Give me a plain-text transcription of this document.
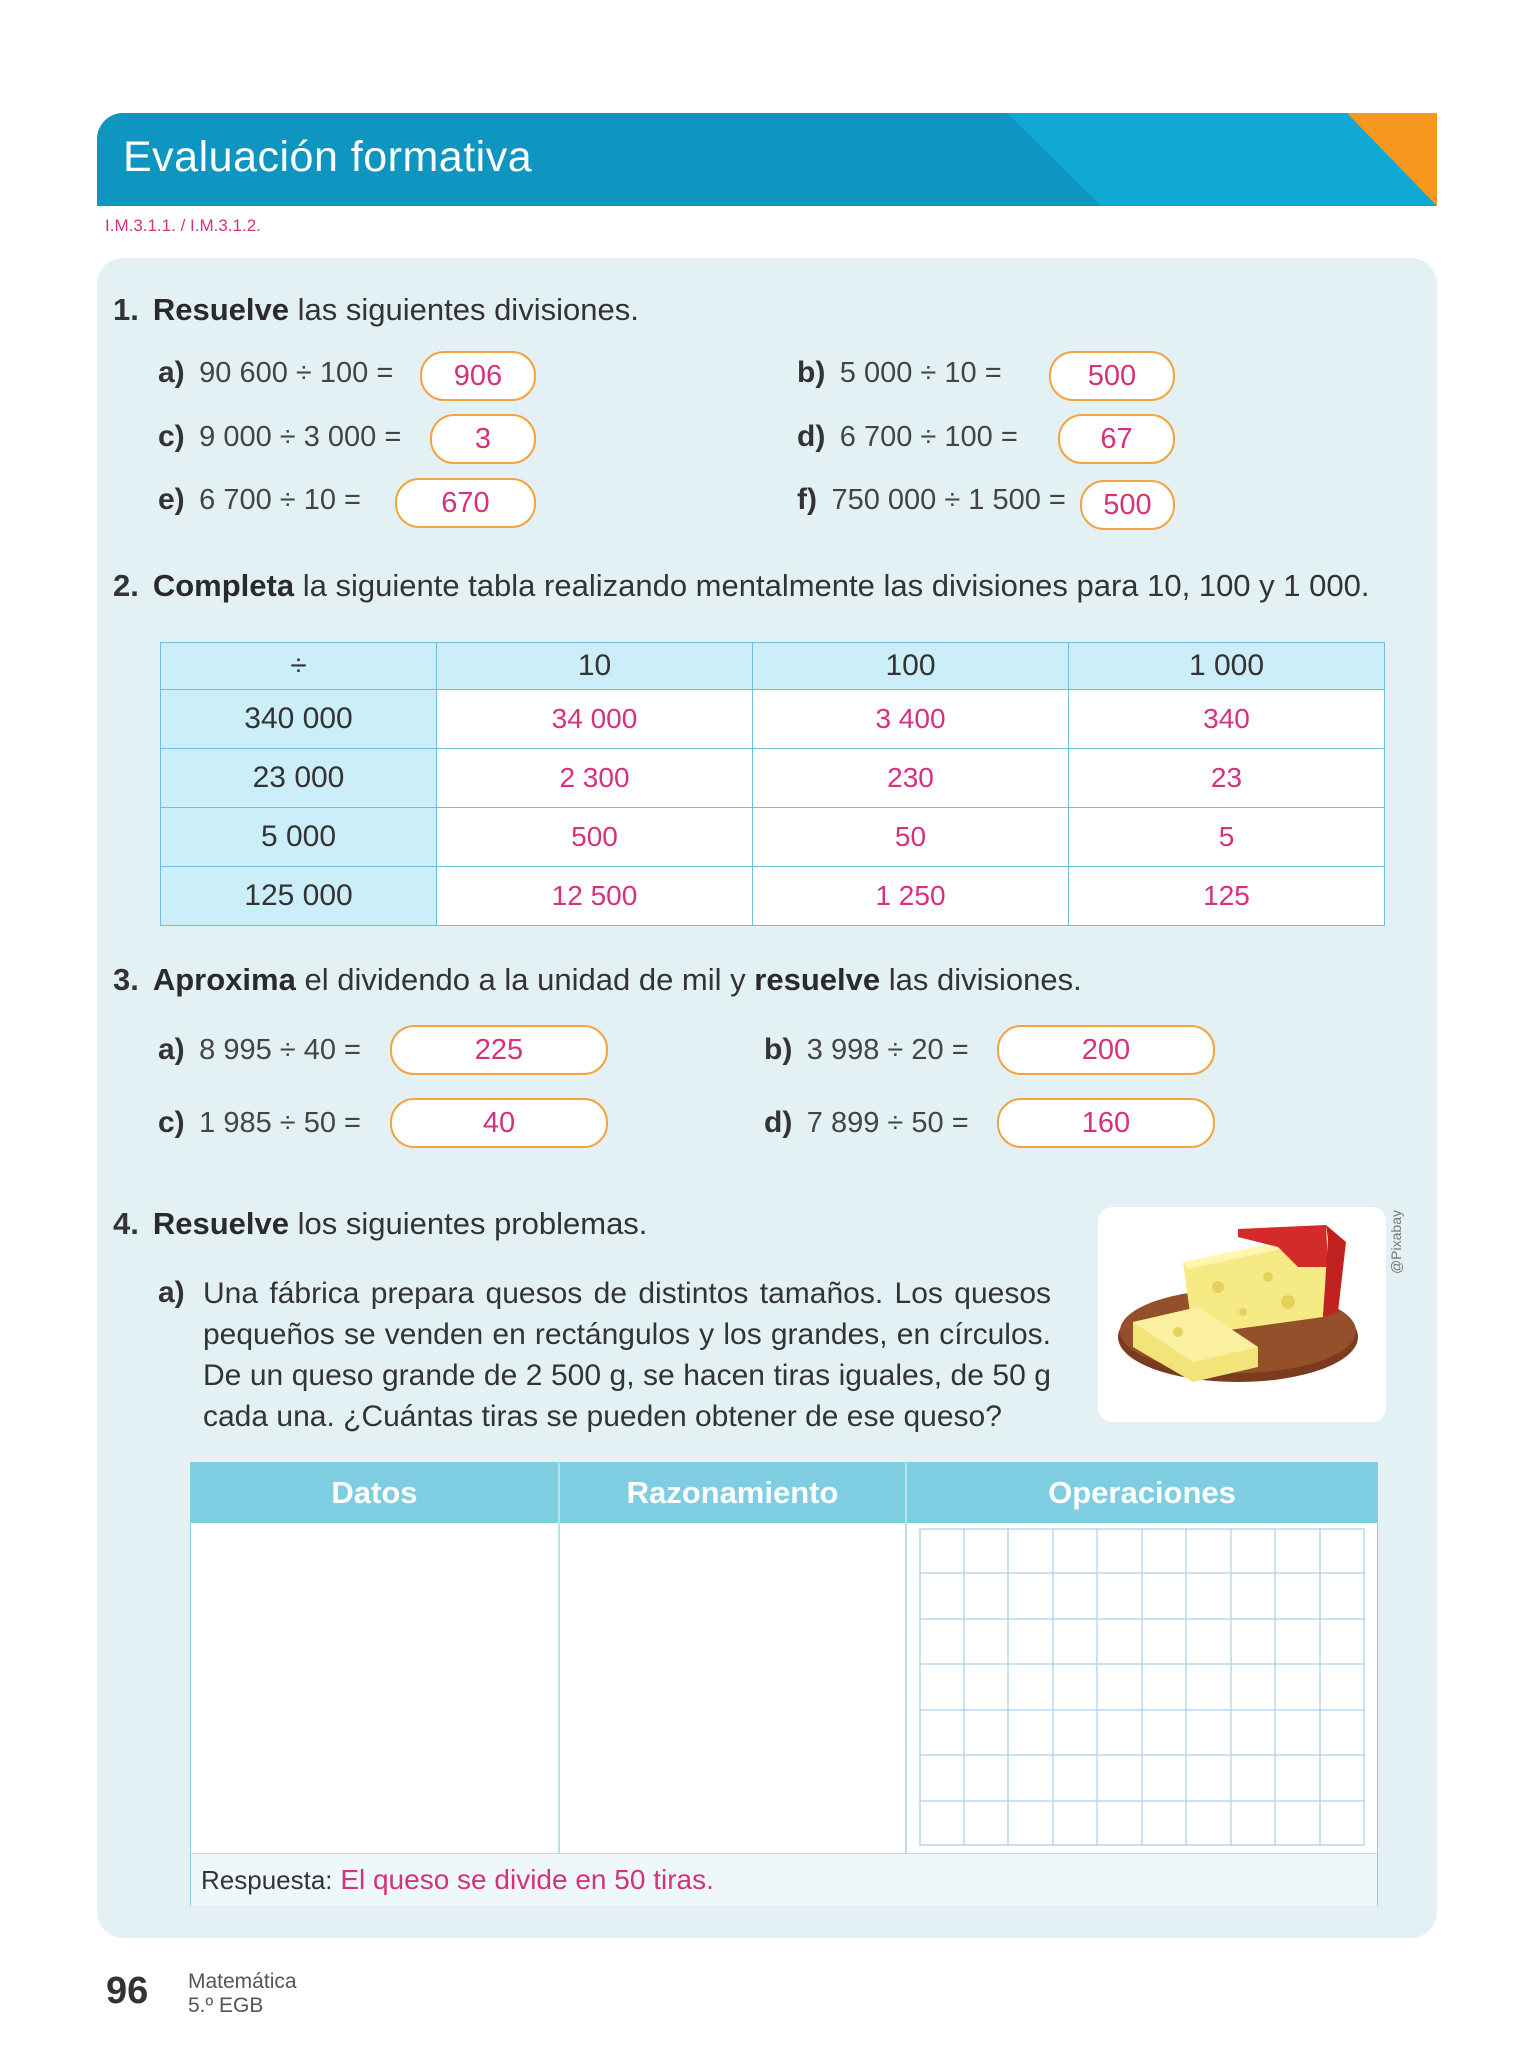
Evaluación formativa
DUA
Acción y expresión
I.M.3.1.1. / I.M.3.1.2.
1. Resuelve las siguientes divisiones.
a) 90 600 ÷ 100 =	906	b) 5 000 ÷ 10 =	500
c) 9 000 ÷ 3 000 =	3	d) 6 700 ÷ 100 =	67
e) 6 700 ÷ 10 =	670	f) 750 000 ÷ 1 500 =	500
2. Completa la siguiente tabla realizando mentalmente las divisiones para 10, 100 y 1 000.
÷	10	100	1 000
340 000	34 000	3 400	340
23 000	2 300	230	23
5 000	500	50	5
125 000	12 500	1 250	125
3. Aproxima el dividendo a la unidad de mil y resuelve las divisiones.
a) 8 995 ÷ 40 =	225	b) 3 998 ÷ 20 =	200
c) 1 985 ÷ 50 =	40	d) 7 899 ÷ 50 =	160
4. Resuelve los siguientes problemas.
a) Una fábrica prepara quesos de distintos tamaños. Los quesos pequeños se venden en rectángulos y los grandes, en círculos. De un queso grande de 2 500 g, se hacen tiras iguales, de 50 g cada una. ¿Cuántas tiras se pueden obtener de ese queso?
@Pixabay
Datos	Razonamiento	Operaciones
Respuesta: El queso se divide en 50 tiras.
96 Matemática
5.º EGB
